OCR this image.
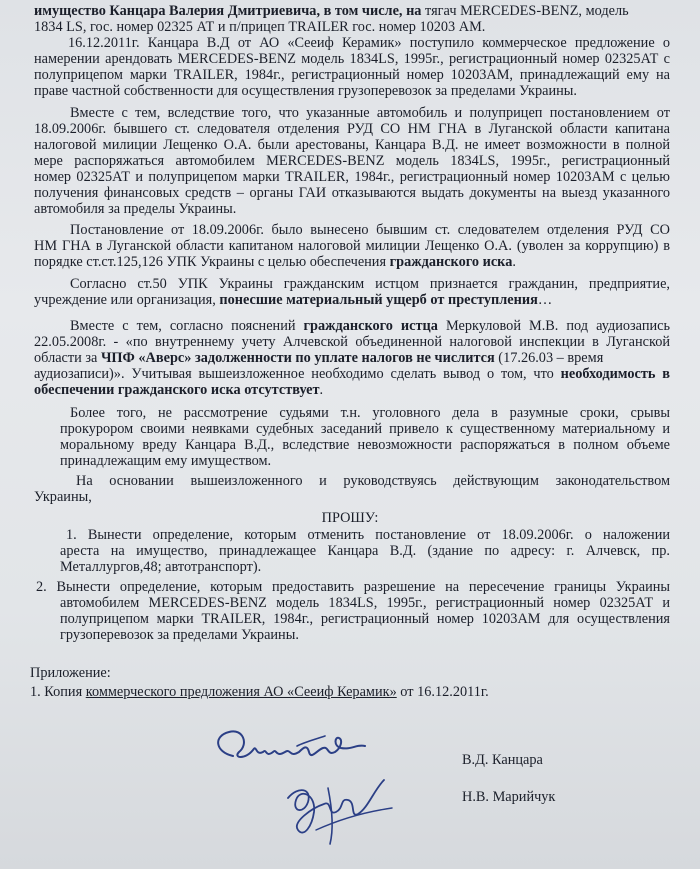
имущество Канцара Валерия Дмитриевича, в том числе, на тягач MERCEDES-BENZ, модель
1834 LS, гос. номер 02325 АТ и п/прицеп TRAILER гос. номер 10203 АМ.
16.12.2011г. Канцара В.Д от АО «Сееиф Керамик» поступило коммерческое предложение о
намерении арендовать MERCEDES-BENZ модель 1834LS, 1995г., регистрационный номер 02325АТ с
полуприцепом марки TRAILER, 1984г., регистрационный номер 10203АМ, принадлежащий ему на
праве частной собственности для осуществления грузоперевозок за пределами Украины.
Вместе с тем, вследствие того, что указанные автомобиль и полуприцеп постановлением от
18.09.2006г. бывшего ст. следователя отделения РУД СО НМ ГНА в Луганской области капитана
налоговой милиции Лещенко О.А. были арестованы, Канцара В.Д. не имеет возможности в полной
мере распоряжаться автомобилем MERCEDES-BENZ модель 1834LS, 1995г., регистрационный
номер 02325АТ и полуприцепом марки TRAILER, 1984г., регистрационный номер 10203АМ с целью
получения финансовых средств – органы ГАИ отказываются выдать документы на выезд указанного
автомобиля за пределы Украины.
Постановление от 18.09.2006г. было вынесено бывшим ст. следователем отделения РУД СО
НМ ГНА в Луганской области капитаном налоговой милиции Лещенко О.А. (уволен за коррупцию) в
порядке ст.ст.125,126 УПК Украины с целью обеспечения гражданского иска.
Согласно ст.50 УПК Украины гражданским истцом признается гражданин, предприятие,
учреждение или организация, понесшие материальный ущерб от преступления…
Вместе с тем, согласно пояснений гражданского истца Меркуловой М.В. под аудиозапись
22.05.2008г. - «по внутреннему учету Алчевской объединенной налоговой инспекции в Луганской
области за ЧПФ «Аверс» задолженности по уплате налогов не числится (17.26.03 – время
аудиозаписи)». Учитывая вышеизложенное необходимо сделать вывод о том, что необходимость в
обеспечении гражданского иска отсутствует.
Более того, не рассмотрение судьями т.н. уголовного дела в разумные сроки, срывы
прокурором своими неявками судебных заседаний привело к существенному материальному и
моральному вреду Канцара В.Д., вследствие невозможности распоряжаться в полном объеме
принадлежащим ему имуществом.
На основании вышеизложенного и руководствуясь действующим законодательством
Украины,
ПРОШУ:
1. Вынести определение, которым отменить постановление от 18.09.2006г. о наложении
ареста на имущество, принадлежащее Канцара В.Д. (здание по адресу: г. Алчевск, пр.
Металлургов,48; автотранспорт).
2. Вынести определение, которым предоставить разрешение на пересечение границы Украины
автомобилем MERCEDES-BENZ модель 1834LS, 1995г., регистрационный номер 02325АТ и
полуприцепом марки TRAILER, 1984г., регистрационный номер 10203АМ для осуществления
грузоперевозок за пределами Украины.
Приложение:
1. Копия коммерческого предложения АО «Сееиф Керамик» от 16.12.2011г.
В.Д. Канцара
Н.В. Марийчук
